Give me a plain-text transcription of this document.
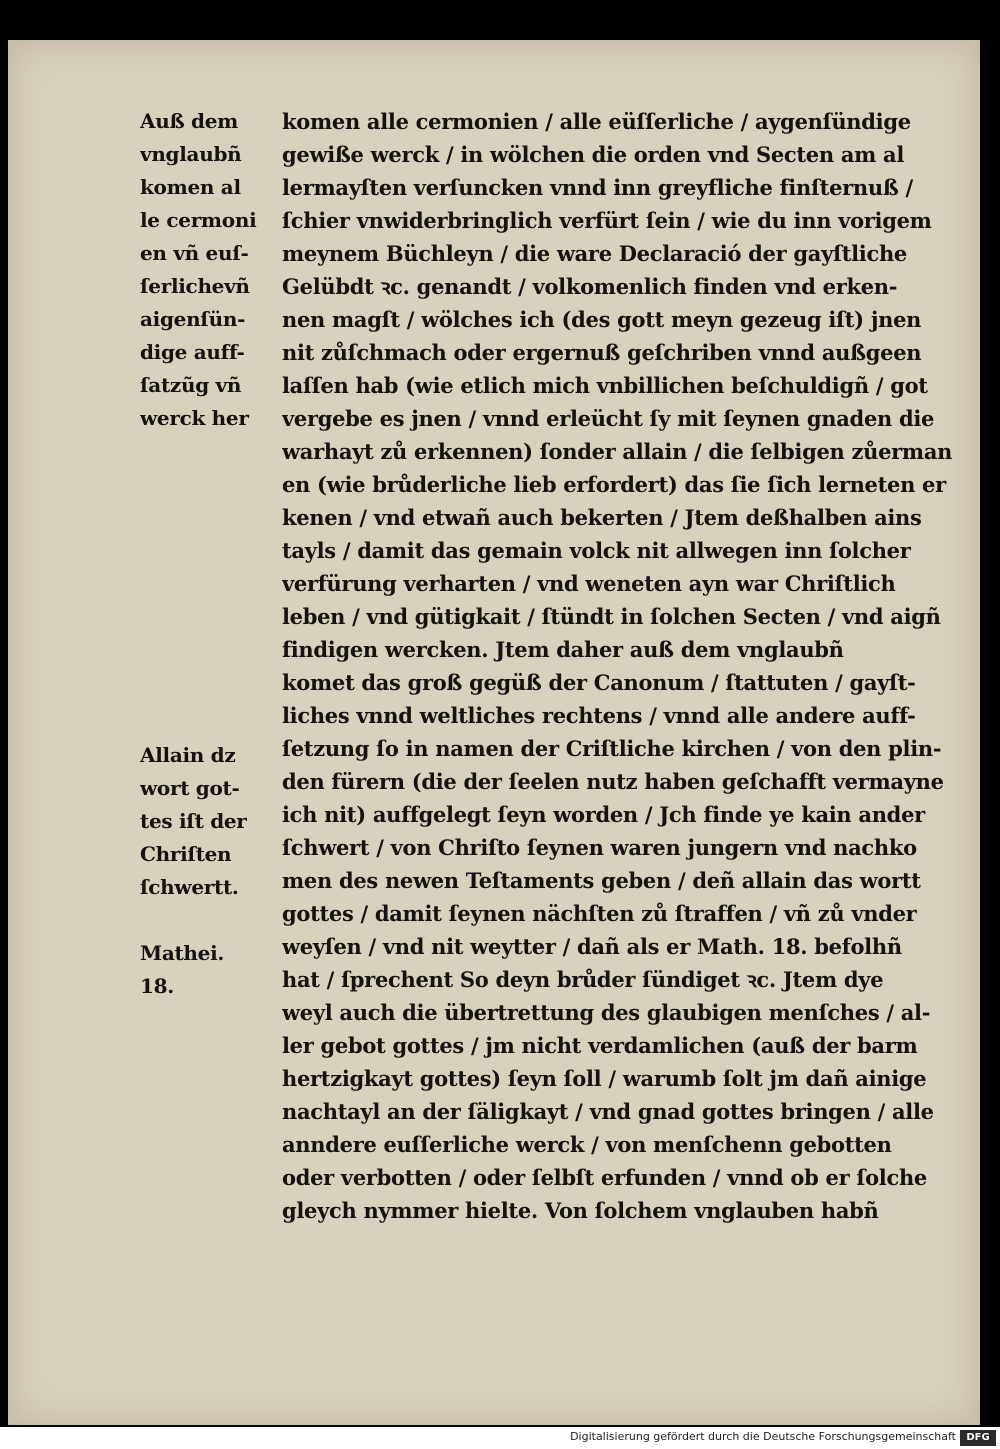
Auß dem
vnglaubñ
komen al
le cermoni
en vñ euſ-
ſerlichevñ
aigenſün-
dige auff-
ſatzũg vñ
werck her
Allain dz
wort got-
tes iſt der
Chriſten
ſchwertt.
Mathei.
18.
komen alle cermonien / alle eüſſerliche / aygenſündige
gewiße werck / in wölchen die orden vnd Secten am al
lermayſten verſuncken vnnd inn greyfliche finſternuß /
ſchier vnwiderbringlich verfürt ſein / wie du inn vorigem
meynem Büchleyn / die ware Declaració der gayſtliche
Gelübdt ꝛc. genandt / volkomenlich finden vnd erken-
nen magſt / wölches ich (des gott meyn gezeug iſt) jnen
nit zůſchmach oder ergernuß geſchriben vnnd außgeen
laſſen hab (wie etlich mich vnbillichen beſchuldigñ / got
vergebe es jnen / vnnd erleücht ſy mit ſeynen gnaden die
warhayt zů erkennen) ſonder allain / die ſelbigen zůerman
en (wie brůderliche lieb erfordert) das ſie ſich lerneten er
kenen / vnd etwañ auch bekerten / Jtem deßhalben ains
tayls / damit das gemain volck nit allwegen inn ſolcher
verfürung verharten / vnd weneten ayn war Chriſtlich
leben / vnd gütigkait / ſtündt in ſolchen Secten / vnd aigñ
findigen wercken. Jtem daher auß dem vnglaubñ
komet das groß gegüß der Canonum / ſtattuten / gayſt-
liches vnnd weltliches rechtens / vnnd alle andere auff-
ſetzung ſo in namen der Criſtliche kirchen / von den plin-
den fürern (die der ſeelen nutz haben geſchafft vermayne
ich nit) auffgelegt ſeyn worden / Jch finde ye kain ander
ſchwert / von Chriſto ſeynen waren jungern vnd nachko
men des newen Teſtaments geben / deñ allain das wortt
gottes / damit ſeynen nächſten zů ſtraffen / vñ zů vnder
weyſen / vnd nit weytter / dañ als er Math. 18. befolhñ
hat / ſprechent So deyn brůder ſündiget ꝛc. Jtem dye
weyl auch die übertrettung des glaubigen menſches / al-
ler gebot gottes / jm nicht verdamlichen (auß der barm
hertzigkayt gottes) ſeyn ſoll / warumb ſolt jm dañ ainige
nachtayl an der ſäligkayt / vnd gnad gottes bringen / alle
anndere euſſerliche werck / von menſchenn gebotten
oder verbotten / oder ſelbſt erfunden / vnnd ob er ſolche
gleych nymmer hielte. Von ſolchem vnglauben habñ
Digitalisierung gefördert durch die Deutsche Forschungsgemeinschaft	DFG
